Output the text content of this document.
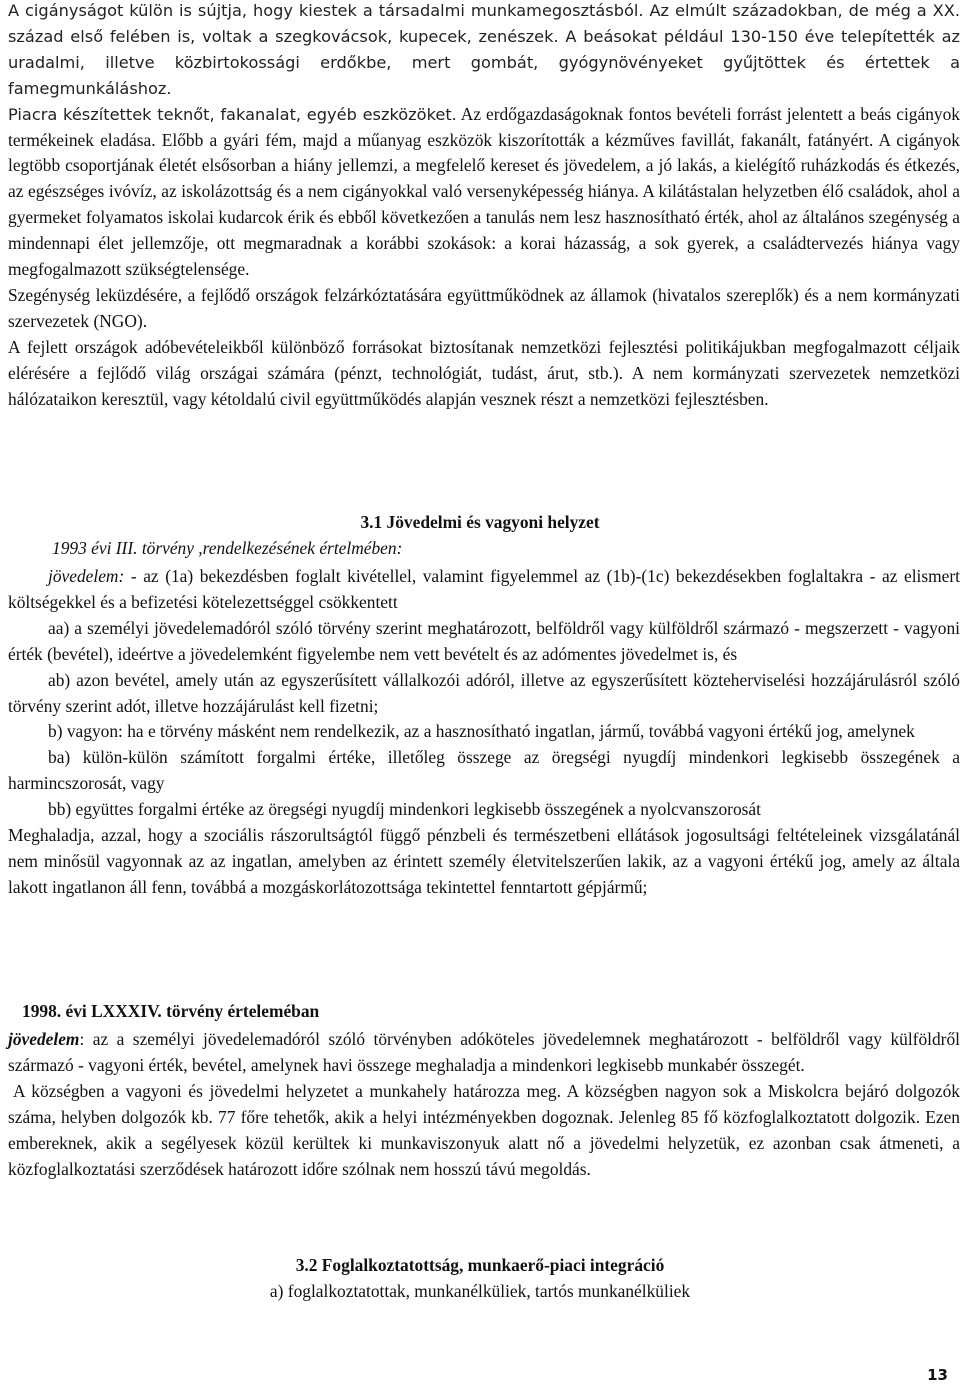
A cigányságot külön is sújtja, hogy kiestek a társadalmi munkamegosztásból. Az elmúlt századokban, de még a XX. század első felében is, voltak a szegkovácsok, kupecek, zenészek. A beásokat például 130-150 éve telepítették az uradalmi, illetve közbirtokossági erdőkbe, mert gombát, gyógynövényeket gyűjtöttek és értettek a famegmunkáláshoz.

Piacra készítettek teknőt, fakanalat, egyéb eszközöket. Az erdőgazdaságoknak fontos bevételi forrást jelentett a beás cigányok termékeinek eladása. Előbb a gyári fém, majd a műanyag eszközök kiszorították a kézműves favillát, fakanált, fatányért. A cigányok legtöbb csoportjának életét elsősorban a hiány jellemzi, a megfelelő kereset és jövedelem, a jó lakás, a kielégítő ruházkodás és étkezés, az egészséges ivóvíz, az iskolázottság és a nem cigányokkal való versenyképesség hiánya. A kilátástalan helyzetben élő családok, ahol a gyermeket folyamatos iskolai kudarcok érik és ebből következően a tanulás nem lesz hasznosítható érték, ahol az általános szegénység a mindennapi élet jellemzője, ott megmaradnak a korábbi szokások: a korai házasság, a sok gyerek, a családtervezés hiánya vagy megfogalmazott szükségtelensége.

Szegénység leküzdésére, a fejlődő országok felzárkóztatására együttműködnek az államok (hivatalos szereplők) és a nem kormányzati szervezetek (NGO).

A fejlett országok adóbevételeikből különböző forrásokat biztosítanak nemzetközi fejlesztési politikájukban megfogalmazott céljaik elérésére a fejlődő világ országai számára (pénzt, technológiát, tudást, árut, stb.). A nem kormányzati szervezetek nemzetközi hálózataikon keresztül, vagy kétoldalú civil együttműködés alapján vesznek részt a nemzetközi fejlesztésben.

3.1 Jövedelmi és vagyoni helyzet
1993 évi III. törvény ,rendelkezésének értelmében:

jövedelem: - az (1a) bekezdésben foglalt kivétellel, valamint figyelemmel az (1b)-(1c) bekezdésekben foglaltakra - az elismert költségekkel és a befizetési kötelezettséggel csökkentett

aa) a személyi jövedelemadóról szóló törvény szerint meghatározott, belföldről vagy külföldről származó - megszerzett - vagyoni érték (bevétel), ideértve a jövedelemként figyelembe nem vett bevételt és az adómentes jövedelmet is, és

ab) azon bevétel, amely után az egyszerűsített vállalkozói adóról, illetve az egyszerűsített közteherviselési hozzájárulásról szóló törvény szerint adót, illetve hozzájárulást kell fizetni;

b) vagyon: ha e törvény másként nem rendelkezik, az a hasznosítható ingatlan, jármű, továbbá vagyoni értékű jog, amelynek

ba) külön-külön számított forgalmi értéke, illetőleg összege az öregségi nyugdíj mindenkori legkisebb összegének a harmincszorosát, vagy

bb) együttes forgalmi értéke az öregségi nyugdíj mindenkori legkisebb összegének a nyolcvanszorosát

Meghaladja, azzal, hogy a szociális rászorultságtól függő pénzbeli és természetbeni ellátások jogosultsági feltételeinek vizsgálatánál nem minősül vagyonnak az az ingatlan, amelyben az érintett személy életvitelszerűen lakik, az a vagyoni értékű jog, amely az általa lakott ingatlanon áll fenn, továbbá a mozgáskorlátozottsága tekintettel fenntartott gépjármű;

1998. évi LXXXIV. törvény érteleméban

jövedelem: az a személyi jövedelemadóról szóló törvényben adóköteles jövedelemnek meghatározott - belföldről vagy külföldről származó - vagyoni érték, bevétel, amelynek havi összege meghaladja a mindenkori legkisebb munkabér összegét.

A községben a vagyoni és jövedelmi helyzetet a munkahely határozza meg. A községben nagyon sok a Miskolcra bejáró dolgozók száma, helyben dolgozók kb. 77 főre tehetők, akik a helyi intézményekben dogoznak. Jelenleg 85 fő közfoglalkoztatott dolgozik. Ezen embereknek, akik a segélyesek közül kerültek ki munkaviszonyuk alatt nő a jövedelmi helyzetük, ez azonban csak átmeneti, a közfoglalkoztatási szerződések határozott időre szólnak nem hosszú távú megoldás.

3.2 Foglalkoztatottság, munkaerő-piaci integráció
a) foglalkoztatottak, munkanélküliek, tartós munkanélküliek
13
